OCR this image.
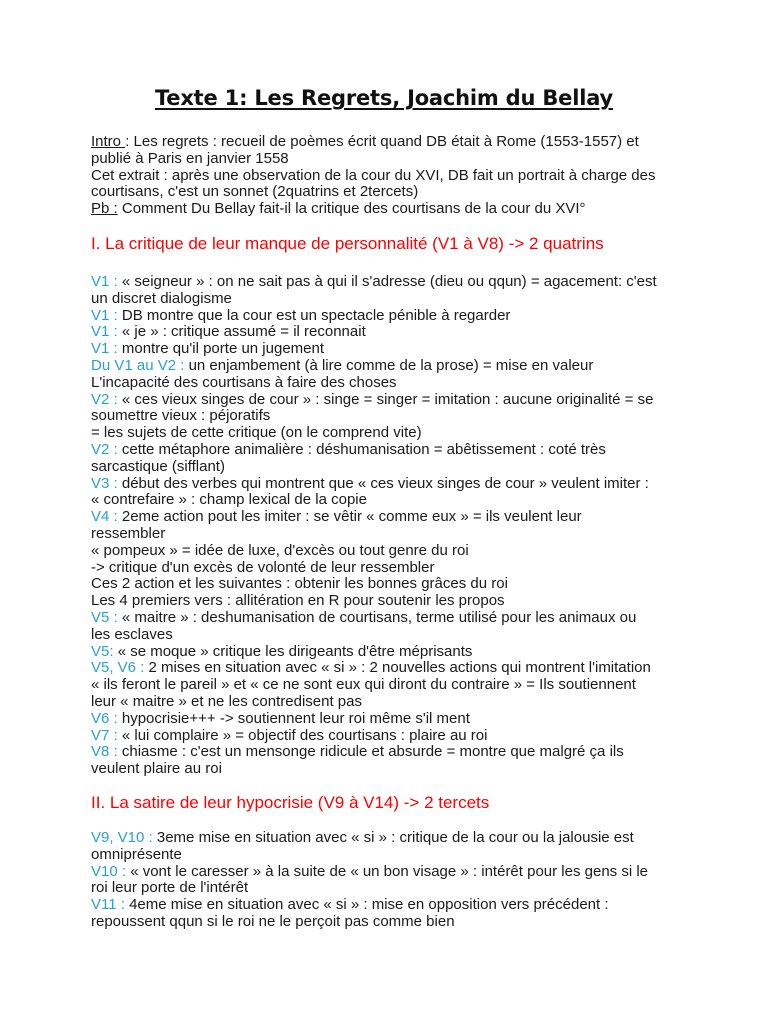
Texte 1: Les Regrets, Joachim du Bellay
Intro : Les regrets : recueil de poèmes écrit quand DB était à Rome (1553-1557) et
publié à Paris en janvier 1558
Cet extrait : après une observation de la cour du XVI, DB fait un portrait à charge des
courtisans, c'est un sonnet (2quatrins et 2tercets)
Pb : Comment Du Bellay fait-il la critique des courtisans de la cour du XVI°
I. La critique de leur manque de personnalité (V1 à V8) -> 2 quatrins
V1 : « seigneur » : on ne sait pas à qui il s'adresse (dieu ou qqun) = agacement: c'est
un discret dialogisme
V1 : DB montre que la cour est un spectacle pénible à regarder
V1 : « je » : critique assumé = il reconnait
V1 : montre qu'il porte un jugement
Du V1 au V2 : un enjambement (à lire comme de la prose) = mise en valeur
L'incapacité des courtisans à faire des choses
V2 : « ces vieux singes de cour » : singe = singer = imitation : aucune originalité = se
soumettre vieux : péjoratifs
= les sujets de cette critique (on le comprend vite)
V2 : cette métaphore animalière : déshumanisation = abêtissement : coté très
sarcastique (sifflant)
V3 : début des verbes qui montrent que « ces vieux singes de cour » veulent imiter :
« contrefaire » : champ lexical de la copie
V4 : 2eme action pout les imiter : se vêtir « comme eux » = ils veulent leur
ressembler
« pompeux » = idée de luxe, d'excès ou tout genre du roi
-> critique d'un excès de volonté de leur ressembler
Ces 2 action et les suivantes : obtenir les bonnes grâces du roi
Les 4 premiers vers : allitération en R pour soutenir les propos
V5 : « maitre » : deshumanisation de courtisans, terme utilisé pour les animaux ou
les esclaves
V5: « se moque » critique les dirigeants d'être méprisants
V5, V6 : 2 mises en situation avec « si » : 2 nouvelles actions qui montrent l'imitation
« ils feront le pareil » et « ce ne sont eux qui diront du contraire » = Ils soutiennent
leur « maitre » et ne les contredisent pas
V6 : hypocrisie+++ -> soutiennent leur roi même s'il ment
V7 : « lui complaire » = objectif des courtisans : plaire au roi
V8 : chiasme : c'est un mensonge ridicule et absurde = montre que malgré ça ils
veulent plaire au roi
II. La satire de leur hypocrisie (V9 à V14) -> 2 tercets
V9, V10 : 3eme mise en situation avec « si » : critique de la cour ou la jalousie est
omniprésente
V10 : « vont le caresser » à la suite de « un bon visage » : intérêt pour les gens si le
roi leur porte de l'intérêt
V11 : 4eme mise en situation avec « si » : mise en opposition vers précédent :
repoussent qqun si le roi ne le perçoit pas comme bien
